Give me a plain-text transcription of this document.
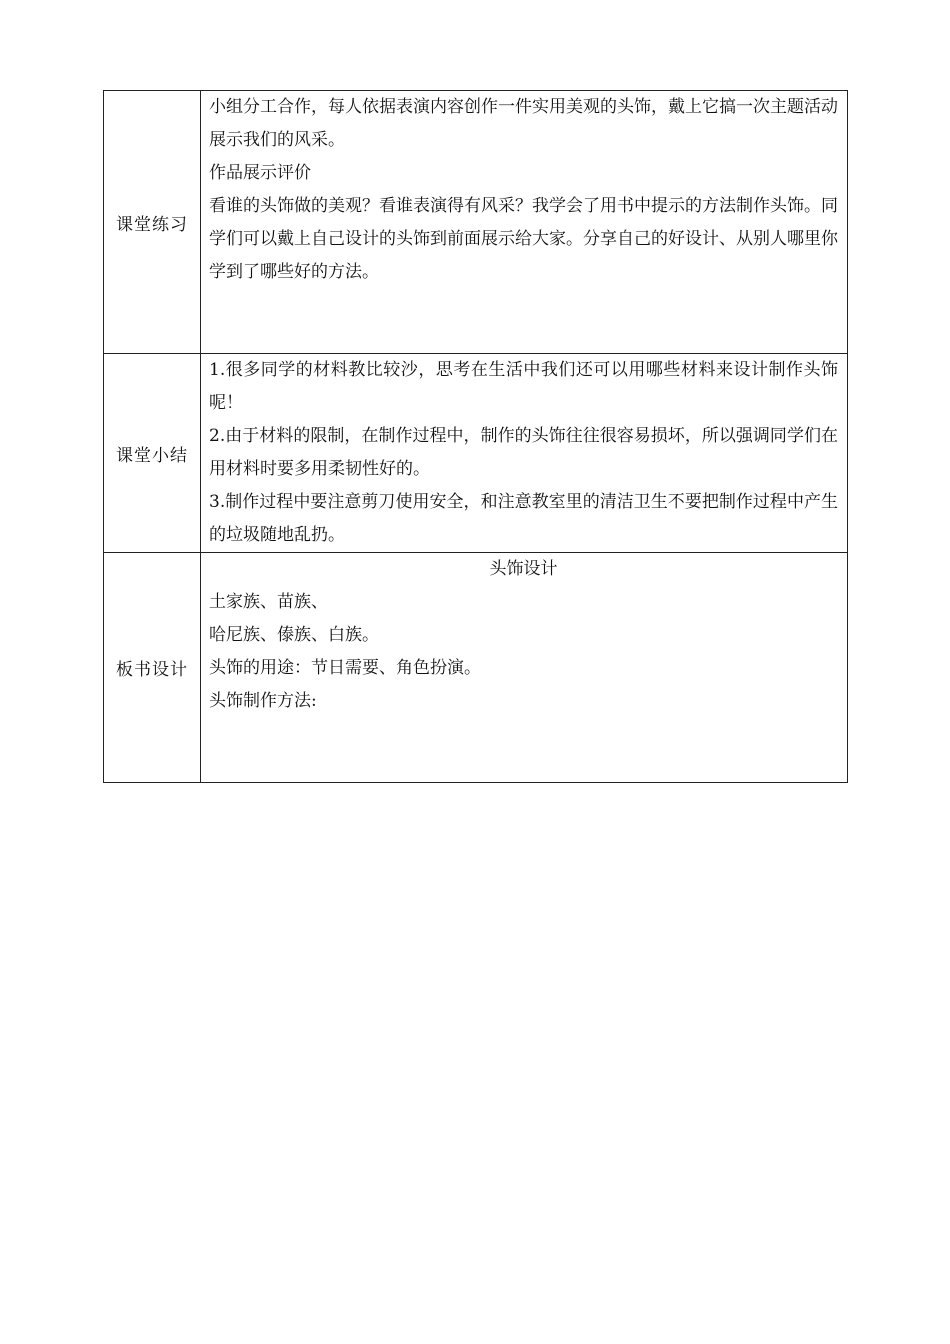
课堂练习	小组分工合作，每人依据表演内容创作一件实用美观的头饰，戴上它搞一次主题活动展示我们的风采。

作品展示评价

看谁的头饰做的美观？看谁表演得有风采？我学会了用书中提示的方法制作头饰。同学们可以戴上自己设计的头饰到前面展示给大家。分享自己的好设计、从别人哪里你学到了哪些好的方法。

课堂小结	1.很多同学的材料教比较沙，思考在生活中我们还可以用哪些材料来设计制作头饰呢！

2.由于材料的限制，在制作过程中，制作的头饰往往很容易损坏，所以强调同学们在用材料时要多用柔韧性好的。

3.制作过程中要注意剪刀使用安全，和注意教室里的清洁卫生不要把制作过程中产生的垃圾随地乱扔。

板书设计	头饰设计

土家族、苗族、

哈尼族、傣族、白族。

头饰的用途：节日需要、角色扮演。

头饰制作方法:
